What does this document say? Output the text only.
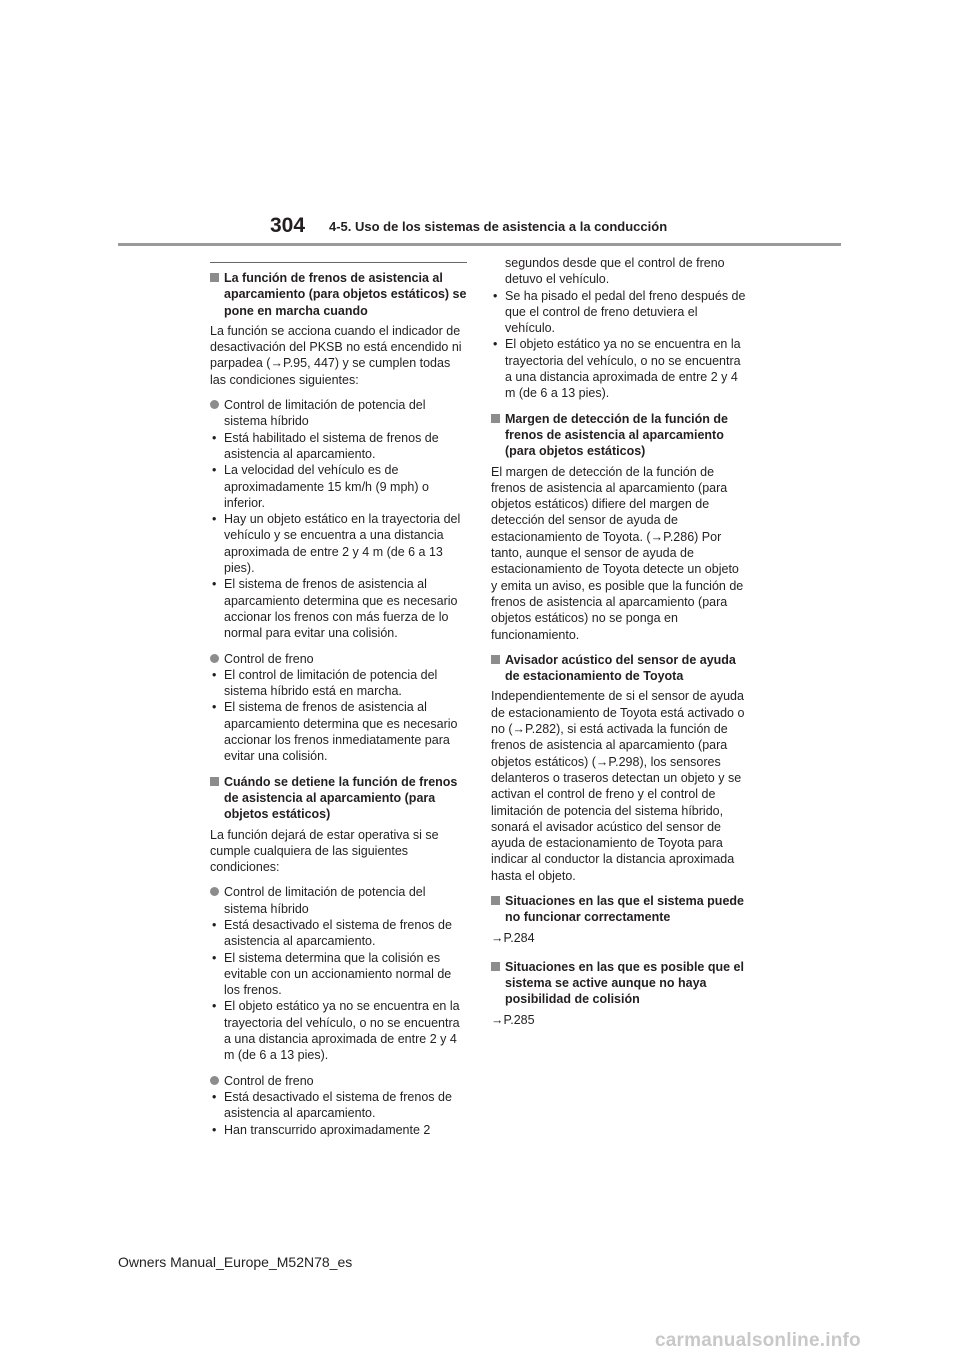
304 4-5. Uso de los sistemas de asistencia a la conducción
La función de frenos de asistencia al aparcamiento (para objetos estáticos) se pone en marcha cuando
La función se acciona cuando el indicador de desactivación del PKSB no está encendido ni parpadea (→P.95, 447) y se cumplen todas las condiciones siguientes:
Control de limitación de potencia del sistema híbrido
• Está habilitado el sistema de frenos de asistencia al aparcamiento.
• La velocidad del vehículo es de aproximadamente 15 km/h (9 mph) o inferior.
• Hay un objeto estático en la trayectoria del vehículo y se encuentra a una distancia aproximada de entre 2 y 4 m (de 6 a 13 pies).
• El sistema de frenos de asistencia al aparcamiento determina que es necesario accionar los frenos con más fuerza de lo normal para evitar una colisión.
Control de freno
• El control de limitación de potencia del sistema híbrido está en marcha.
• El sistema de frenos de asistencia al aparcamiento determina que es necesario accionar los frenos inmediatamente para evitar una colisión.
Cuándo se detiene la función de frenos de asistencia al aparcamiento (para objetos estáticos)
La función dejará de estar operativa si se cumple cualquiera de las siguientes condiciones:
Control de limitación de potencia del sistema híbrido
• Está desactivado el sistema de frenos de asistencia al aparcamiento.
• El sistema determina que la colisión es evitable con un accionamiento normal de los frenos.
• El objeto estático ya no se encuentra en la trayectoria del vehículo, o no se encuentra a una distancia aproximada de entre 2 y 4 m (de 6 a 13 pies).
Control de freno
• Está desactivado el sistema de frenos de asistencia al aparcamiento.
• Han transcurrido aproximadamente 2
segundos desde que el control de freno detuvo el vehículo.
• Se ha pisado el pedal del freno después de que el control de freno detuviera el vehículo.
• El objeto estático ya no se encuentra en la trayectoria del vehículo, o no se encuentra a una distancia aproximada de entre 2 y 4 m (de 6 a 13 pies).
Margen de detección de la función de frenos de asistencia al aparcamiento (para objetos estáticos)
El margen de detección de la función de frenos de asistencia al aparcamiento (para objetos estáticos) difiere del margen de detección del sensor de ayuda de estacionamiento de Toyota. (→P.286) Por tanto, aunque el sensor de ayuda de estacionamiento de Toyota detecte un objeto y emita un aviso, es posible que la función de frenos de asistencia al aparcamiento (para objetos estáticos) no se ponga en funcionamiento.
Avisador acústico del sensor de ayuda de estacionamiento de Toyota
Independientemente de si el sensor de ayuda de estacionamiento de Toyota está activado o no (→P.282), si está activada la función de frenos de asistencia al aparcamiento (para objetos estáticos) (→P.298), los sensores delanteros o traseros detectan un objeto y se activan el control de freno y el control de limitación de potencia del sistema híbrido, sonará el avisador acústico del sensor de ayuda de estacionamiento de Toyota para indicar al conductor la distancia aproximada hasta el objeto.
Situaciones en las que el sistema puede no funcionar correctamente
→P.284
Situaciones en las que es posible que el sistema se active aunque no haya posibilidad de colisión
→P.285
Owners Manual_Europe_M52N78_es
carmanualsonline.info
